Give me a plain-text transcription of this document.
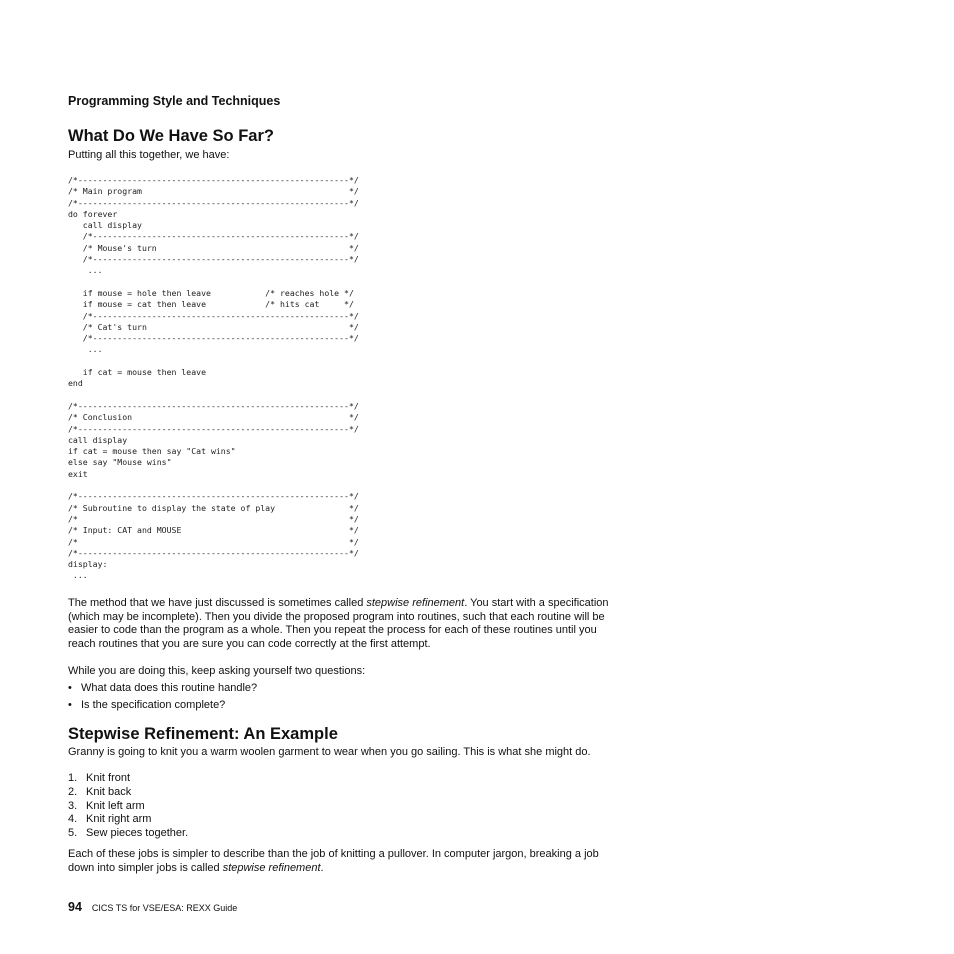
Programming Style and Techniques

What Do We Have So Far?

Putting all this together, we have:

/*-------------------------------------------------------*/
/* Main program                                          */
/*-------------------------------------------------------*/
do forever
call display
/*----------------------------------------------------*/
/* Mouse's turn                                       */
/*----------------------------------------------------*/
...

if mouse = hole then leave           /* reaches hole */
if mouse = cat then leave            /* hits cat     */
/*----------------------------------------------------*/
/* Cat's turn                                         */
/*----------------------------------------------------*/
...

if cat = mouse then leave
end

/*-------------------------------------------------------*/
/* Conclusion                                            */
/*-------------------------------------------------------*/
call display
if cat = mouse then say "Cat wins"
else say "Mouse wins"
exit

/*-------------------------------------------------------*/
/* Subroutine to display the state of play               */
/*                                                       */
/* Input: CAT and MOUSE                                  */
/*                                                       */
/*-------------------------------------------------------*/
display:
...

The method that we have just discussed is sometimes called stepwise refinement. You start with a specification (which may be incomplete). Then you divide the proposed program into routines, such that each routine will be easier to code than the program as a whole. Then you repeat the process for each of these routines until you reach routines that you are sure you can code correctly at the first attempt.

While you are doing this, keep asking yourself two questions:

• What data does this routine handle?
• Is the specification complete?
Stepwise Refinement: An Example

Granny is going to knit you a warm woolen garment to wear when you go sailing. This is what she might do.

1. Knit front
2. Knit back
3. Knit left arm
4. Knit right arm
5. Sew pieces together.

Each of these jobs is simpler to describe than the job of knitting a pullover. In computer jargon, breaking a job down into simpler jobs is called stepwise refinement.

94 CICS TS for VSE/ESA: REXX Guide
